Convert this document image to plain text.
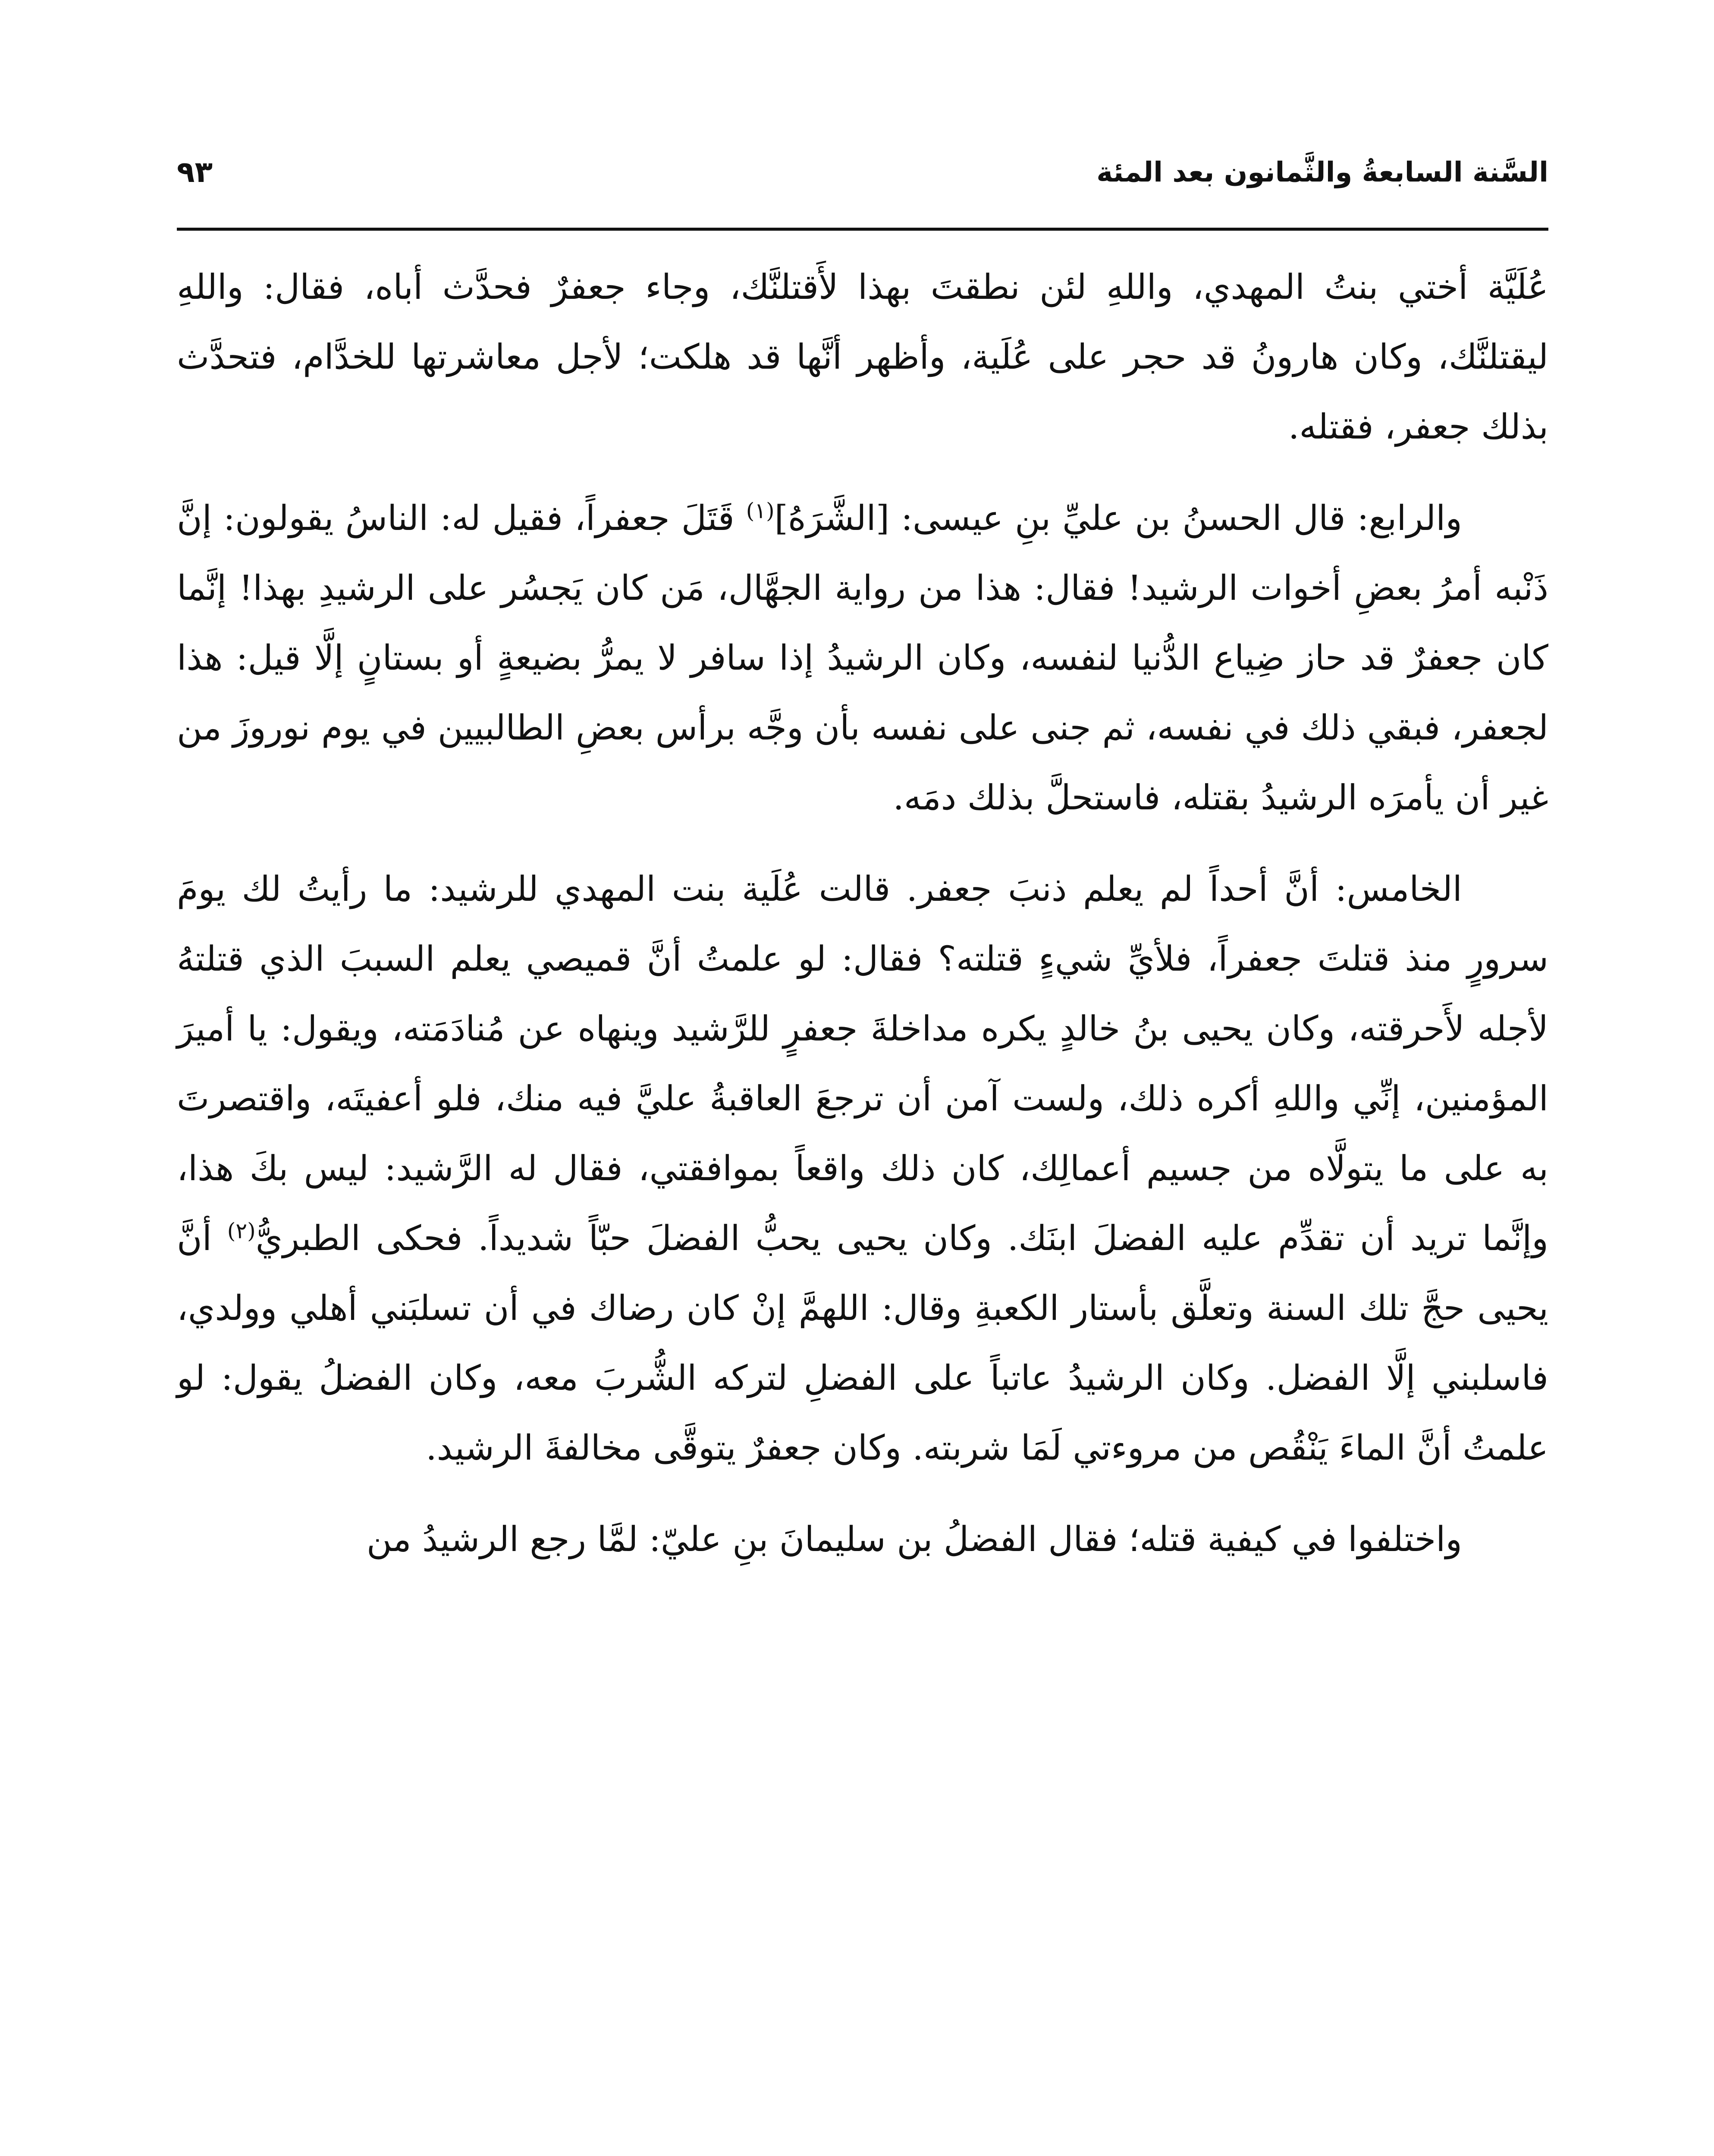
السَّنة السابعةُ والثَّمانون بعد المئة
٩٣

عُلَيَّة أختي بنتُ المهدي، واللهِ لئن نطقتَ بهذا لأَقتلنَّك، وجاء جعفرٌ فحدَّث أباه، فقال: واللهِ ليقتلنَّك، وكان هارونُ قد حجر على عُلَية، وأظهر أنَّها قد هلكت؛ لأجل معاشرتها للخدَّام، فتحدَّث بذلك جعفر، فقتله.

والرابع: قال الحسنُ بن عليِّ بنِ عيسى: [الشَّرَهُ]$^{(١)}$ قَتَلَ جعفراً، فقيل له: الناسُ يقولون: إنَّ ذَنْبه أمرُ بعضِ أخوات الرشيد! فقال: هذا من رواية الجهَّال، مَن كان يَجسُر على الرشيدِ بهذا! إنَّما كان جعفرٌ قد حاز ضِياع الدُّنيا لنفسه، وكان الرشيدُ إذا سافر لا يمرُّ بضيعةٍ أو بستانٍ إلَّا قيل: هذا لجعفر، فبقي ذلك في نفسه، ثم جنى على نفسه بأن وجَّه برأس بعضِ الطالبيين في يوم نوروزَ من غير أن يأمرَه الرشيدُ بقتله، فاستحلَّ بذلك دمَه.

الخامس: أنَّ أحداً لم يعلم ذنبَ جعفر. قالت عُلَية بنت المهدي للرشيد: ما رأيتُ لك يومَ سرورٍ منذ قتلتَ جعفراً، فلأيِّ شيءٍ قتلته؟ فقال: لو علمتُ أنَّ قميصي يعلم السببَ الذي قتلتهُ لأجله لأَحرقته، وكان يحيى بنُ خالدٍ يكره مداخلةَ جعفرٍ للرَّشيد وينهاه عن مُنادَمَته، ويقول: يا أميرَ المؤمنين، إنِّي واللهِ أكره ذلك، ولست آمن أن ترجعَ العاقبةُ عليَّ فيه منك، فلو أعفيتَه، واقتصرتَ به على ما يتولَّاه من جسيم أعمالِك، كان ذلك واقعاً بموافقتي، فقال له الرَّشيد: ليس بكَ هذا، وإنَّما تريد أن تقدِّم عليه الفضلَ ابنَك. وكان يحيى يحبُّ الفضلَ حبّاً شديداً. فحكى الطبريُّ$^{(٢)}$ أنَّ يحيى حجَّ تلك السنة وتعلَّق بأستار الكعبةِ وقال: اللهمَّ إنْ كان رضاك في أن تسلبَني أهلي وولدي، فاسلبني إلَّا الفضل. وكان الرشيدُ عاتباً على الفضلِ لتركه الشُّربَ معه، وكان الفضلُ يقول: لو علمتُ أنَّ الماءَ يَنْقُص من مروءتي لَمَا شربته. وكان جعفرٌ يتوقَّى مخالفةَ الرشيد.

واختلفوا في كيفية قتله؛ فقال الفضلُ بن سليمانَ بنِ عليّ: لمَّا رجع الرشيدُ من
